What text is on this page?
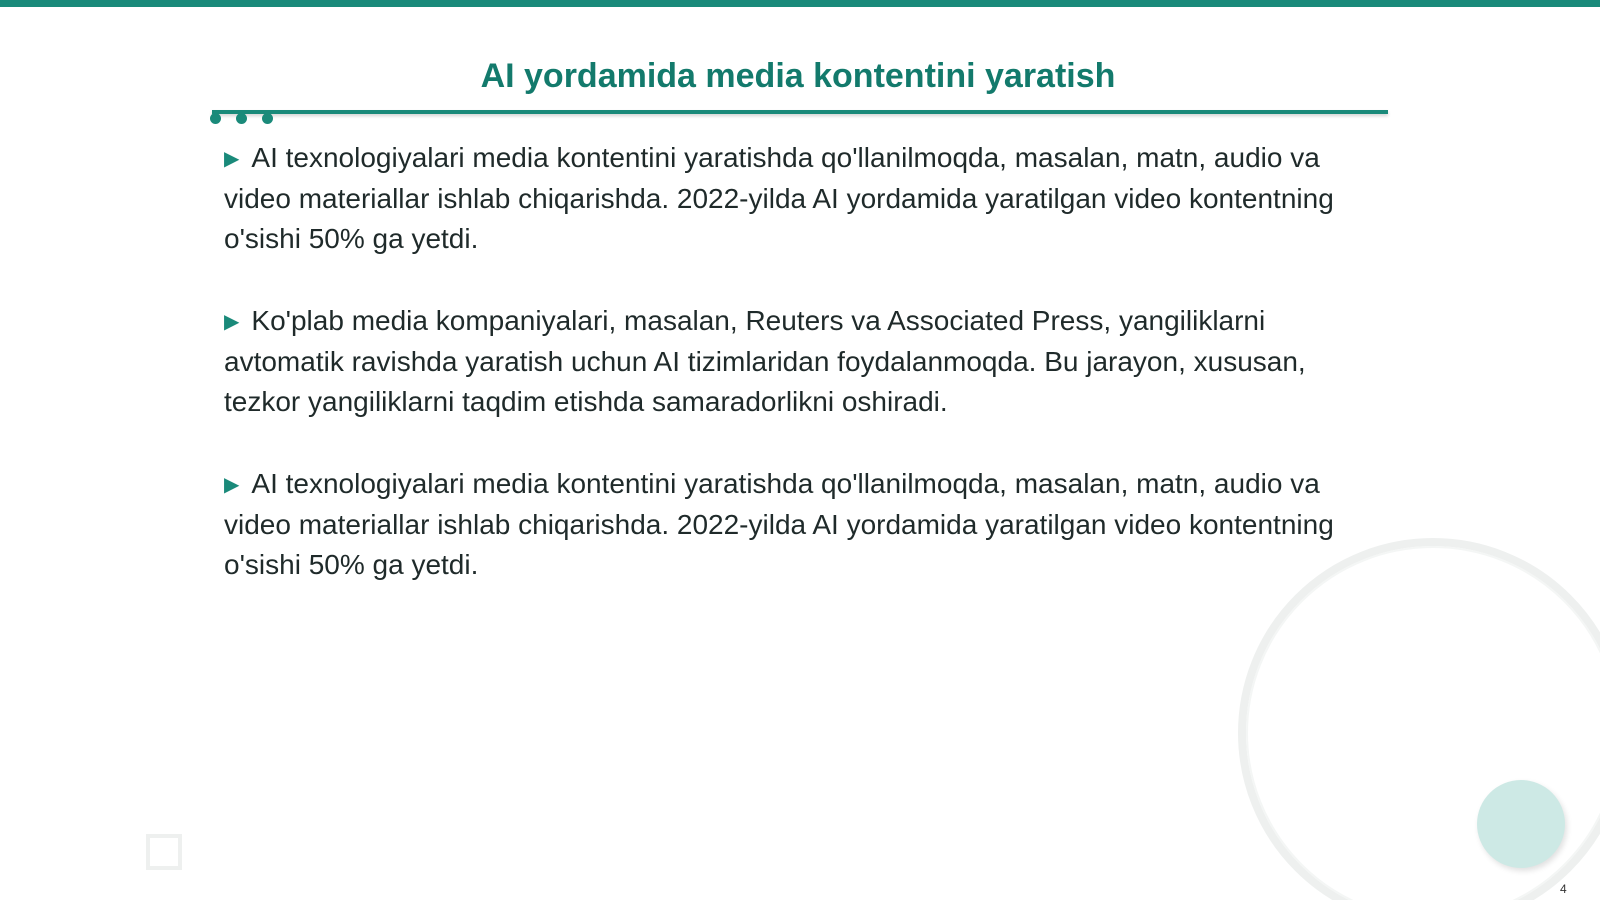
AI yordamida media kontentini yaratish
▶ AI texnologiyalari media kontentini yaratishda qo'llanilmoqda, masalan, matn, audio va video materiallar ishlab chiqarishda. 2022-yilda AI yordamida yaratilgan video kontentning o'sishi 50% ga yetdi.
▶ Ko'plab media kompaniyalari, masalan, Reuters va Associated Press, yangiliklarni avtomatik ravishda yaratish uchun AI tizimlaridan foydalanmoqda. Bu jarayon, xususan, tezkor yangiliklarni taqdim etishda samaradorlikni oshiradi.
▶ AI texnologiyalari media kontentini yaratishda qo'llanilmoqda, masalan, matn, audio va video materiallar ishlab chiqarishda. 2022-yilda AI yordamida yaratilgan video kontentning o'sishi 50% ga yetdi.
4
